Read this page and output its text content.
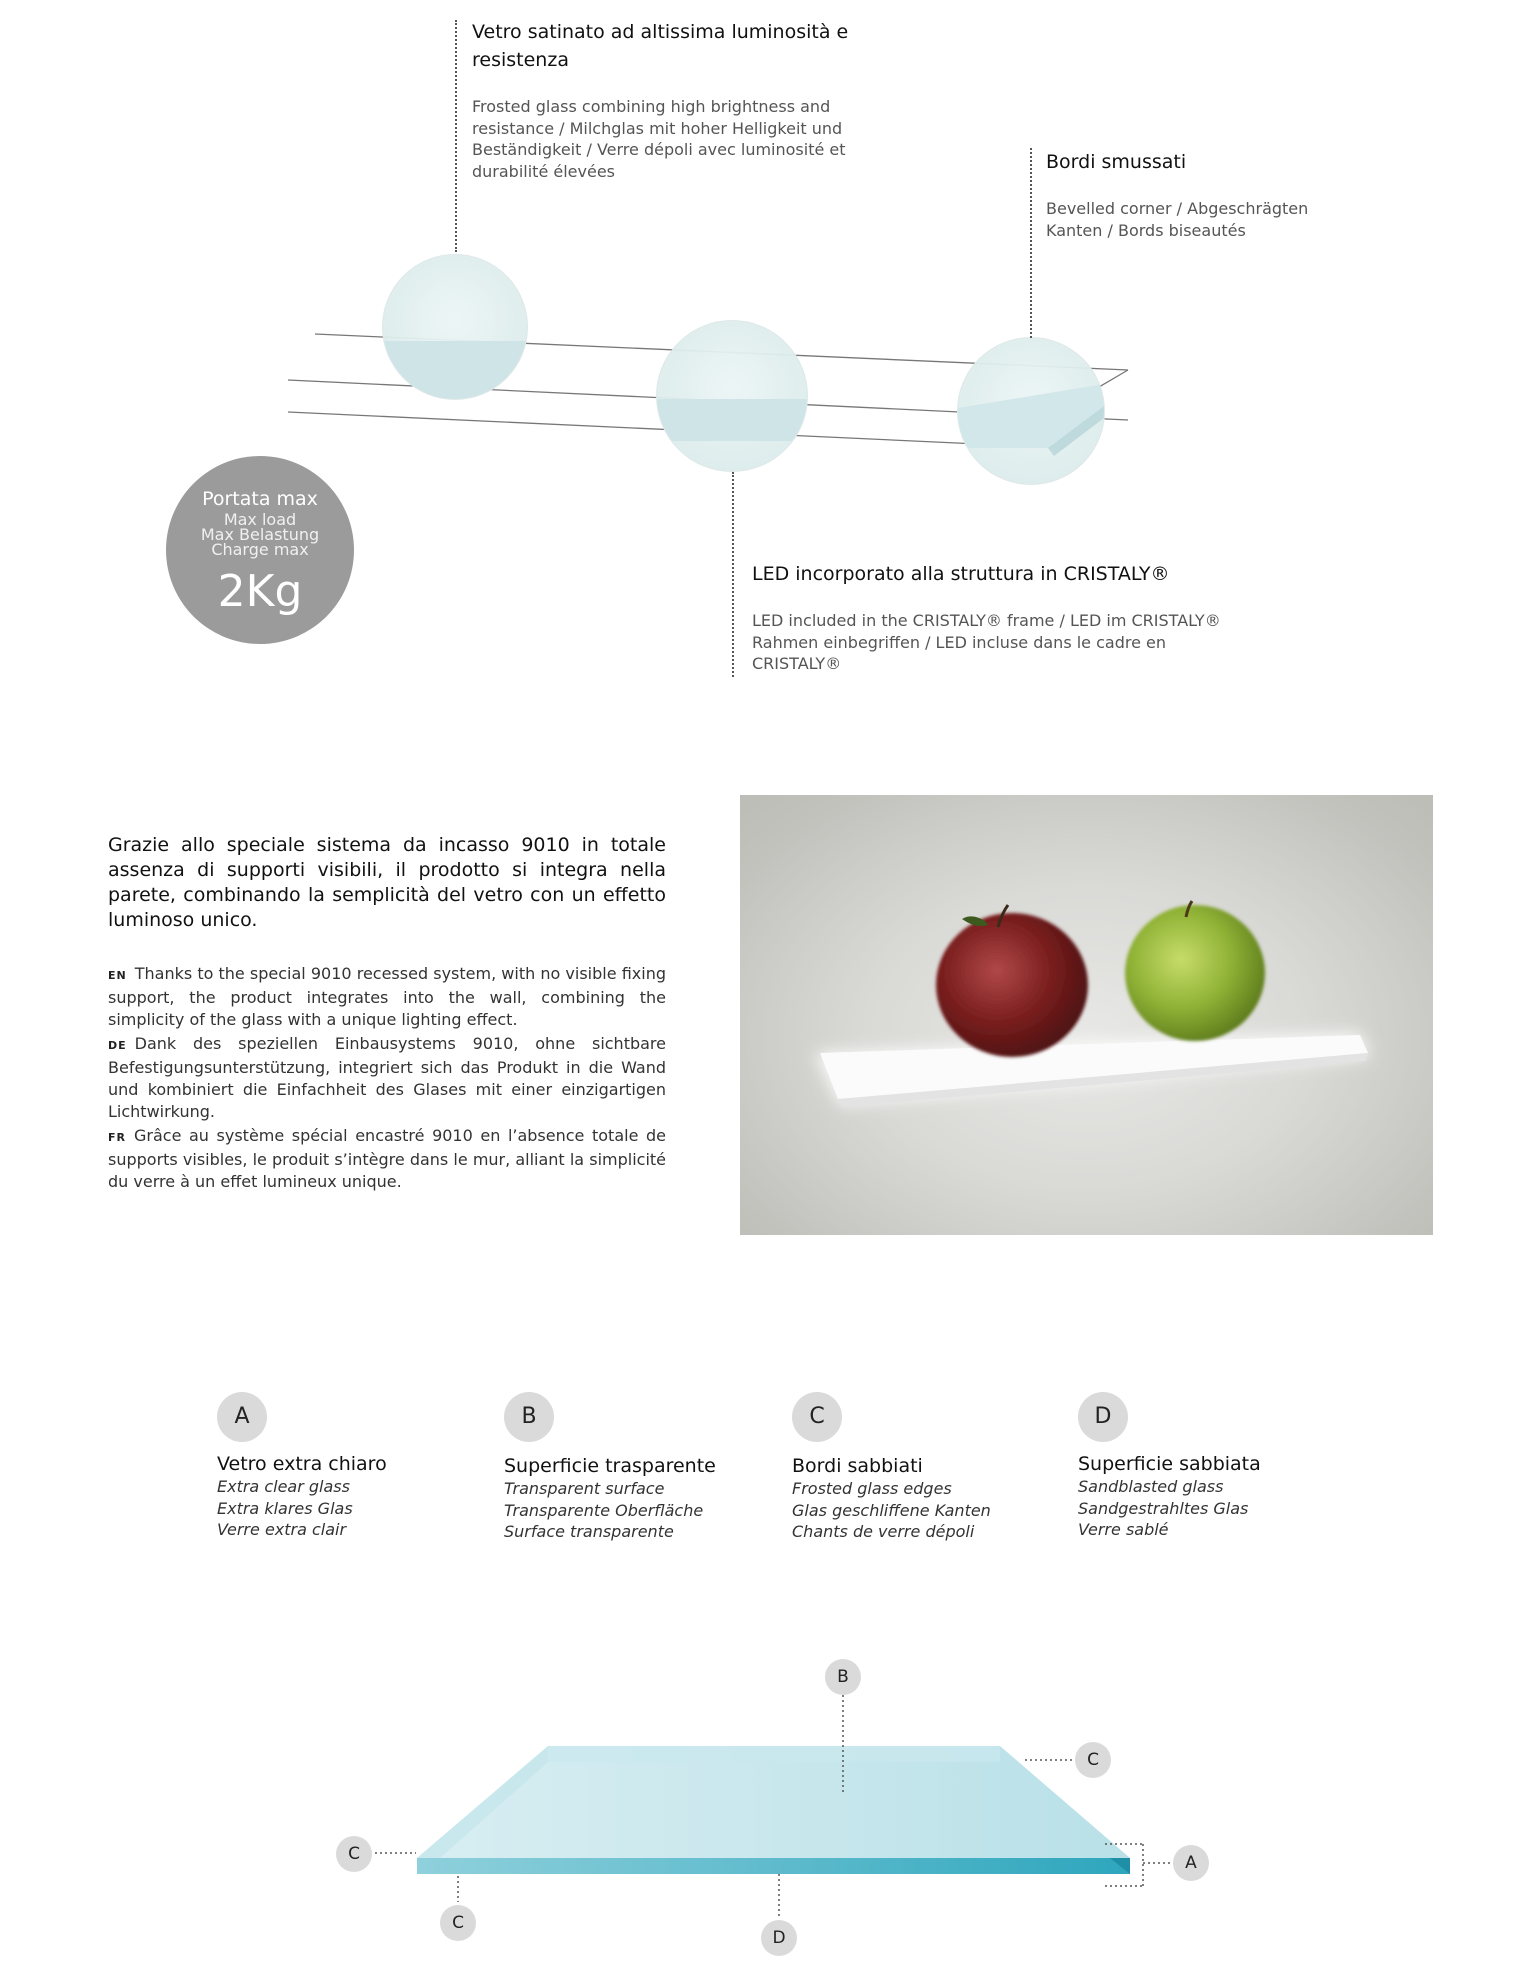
Vetro satinato ad altissima luminosità e resistenza
Frosted glass combining high brightness and resistance / Milchglas mit hoher Helligkeit und Beständigkeit / Verre dépoli avec luminosité et durabilité élevées	Bordi smussati
Bevelled corner / Abgeschrägten Kanten / Bords biseautés
LED incorporato alla struttura in CRISTALY®
LED included in the CRISTALY® frame / LED im CRISTALY® Rahmen einbegriffen / LED incluse dans le cadre en CRISTALY®
Portata max
Max load
Max Belastung
Charge max
2Kg
Grazie allo speciale sistema da incasso 9010 in totale assenza di supporti visibili, il prodotto si integra nella parete, combinando la semplicità del vetro con un effetto luminoso unico.
EN Thanks to the special 9010 recessed system, with no visible fixing support, the product integrates into the wall, combining the simplicity of the glass with a unique lighting effect.
DE Dank des speziellen Einbausystems 9010, ohne sichtbare Befestigungsunterstützung, integriert sich das Produkt in die Wand und kombiniert die Einfachheit des Glases mit einer einzigartigen Lichtwirkung.
FR Grâce au système spécial encastré 9010 en l’absence totale de supports visibles, le produit s’intègre dans le mur, alliant la simplicité du verre à un effet lumineux unique.
A
Vetro extra chiaro
Extra clear glass
Extra klares Glas
Verre extra clair
B
Superficie trasparente
Transparent surface
Transparente Oberfläche
Surface transparente
C
Bordi sabbiati
Frosted glass edges
Glas geschliffene Kanten
Chants de verre dépoli
D
Superficie sabbiata
Sandblasted glass
Sandgestrahltes Glas
Verre sablé
B
C
A
C
C
D
